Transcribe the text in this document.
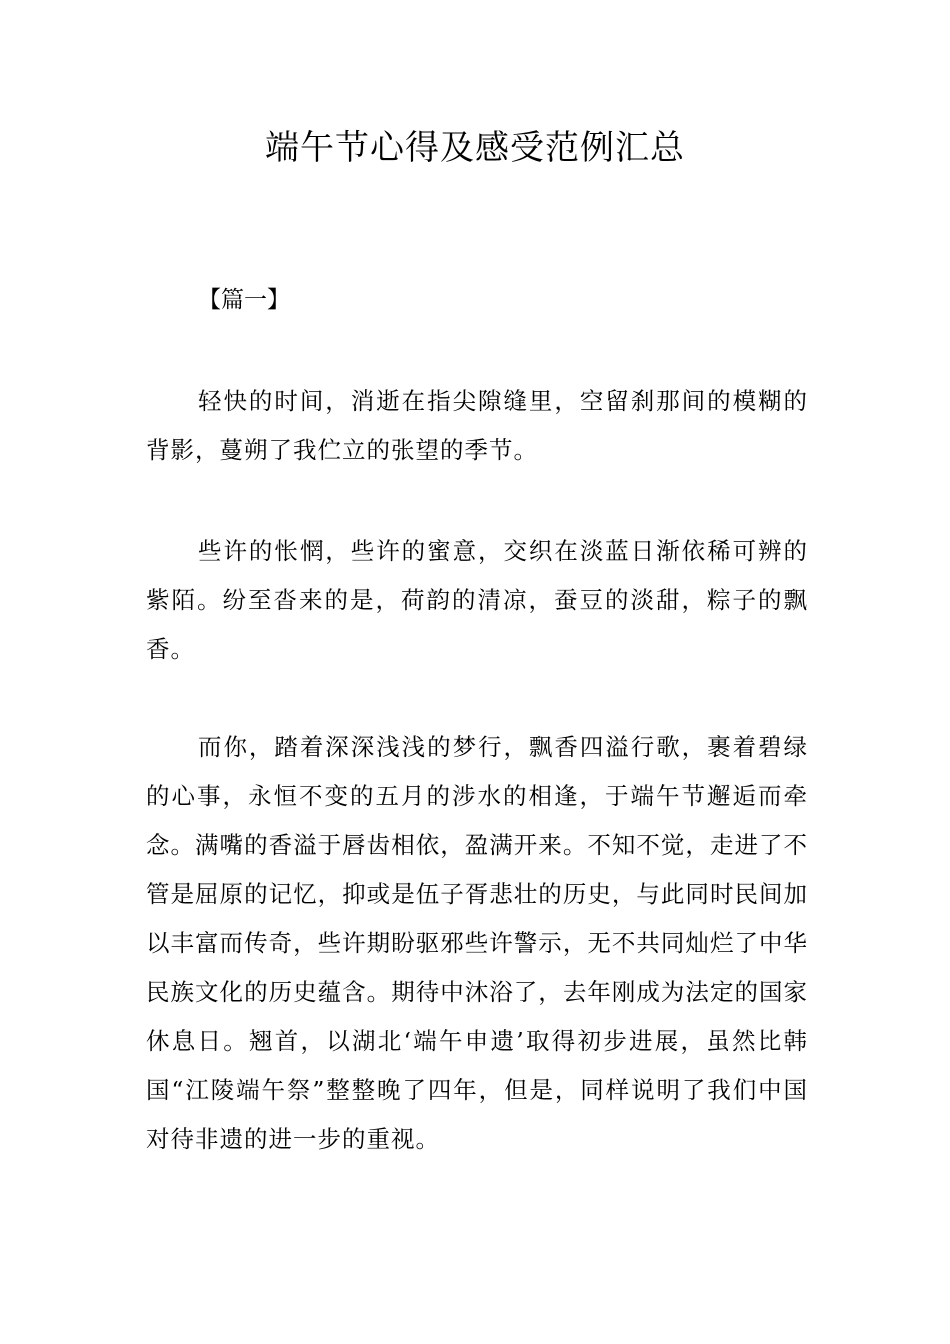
端午节心得及感受范例汇总
【篇一】

轻快的时间，消逝在指尖隙缝里，空留刹那间的模糊的背影，蔓朔了我伫立的张望的季节。

些许的怅惘，些许的蜜意，交织在淡蓝日渐依稀可辨的紫陌。纷至沓来的是，荷韵的清凉，蚕豆的淡甜，粽子的飘香。

而你，踏着深深浅浅的梦行，飘香四溢行歌，裹着碧绿的心事，永恒不变的五月的涉水的相逢，于端午节邂逅而牵念。满嘴的香溢于唇齿相依，盈满开来。不知不觉，走进了不管是屈原的记忆，抑或是伍子胥悲壮的历史，与此同时民间加以丰富而传奇，些许期盼驱邪些许警示，无不共同灿烂了中华民族文化的历史蕴含。期待中沐浴了，去年刚成为法定的国家休息日。翘首，以湖北‘端午申遗’取得初步进展，虽然比韩国“江陵端午祭”整整晚了四年，但是，同样说明了我们中国对待非遗的进一步的重视。
